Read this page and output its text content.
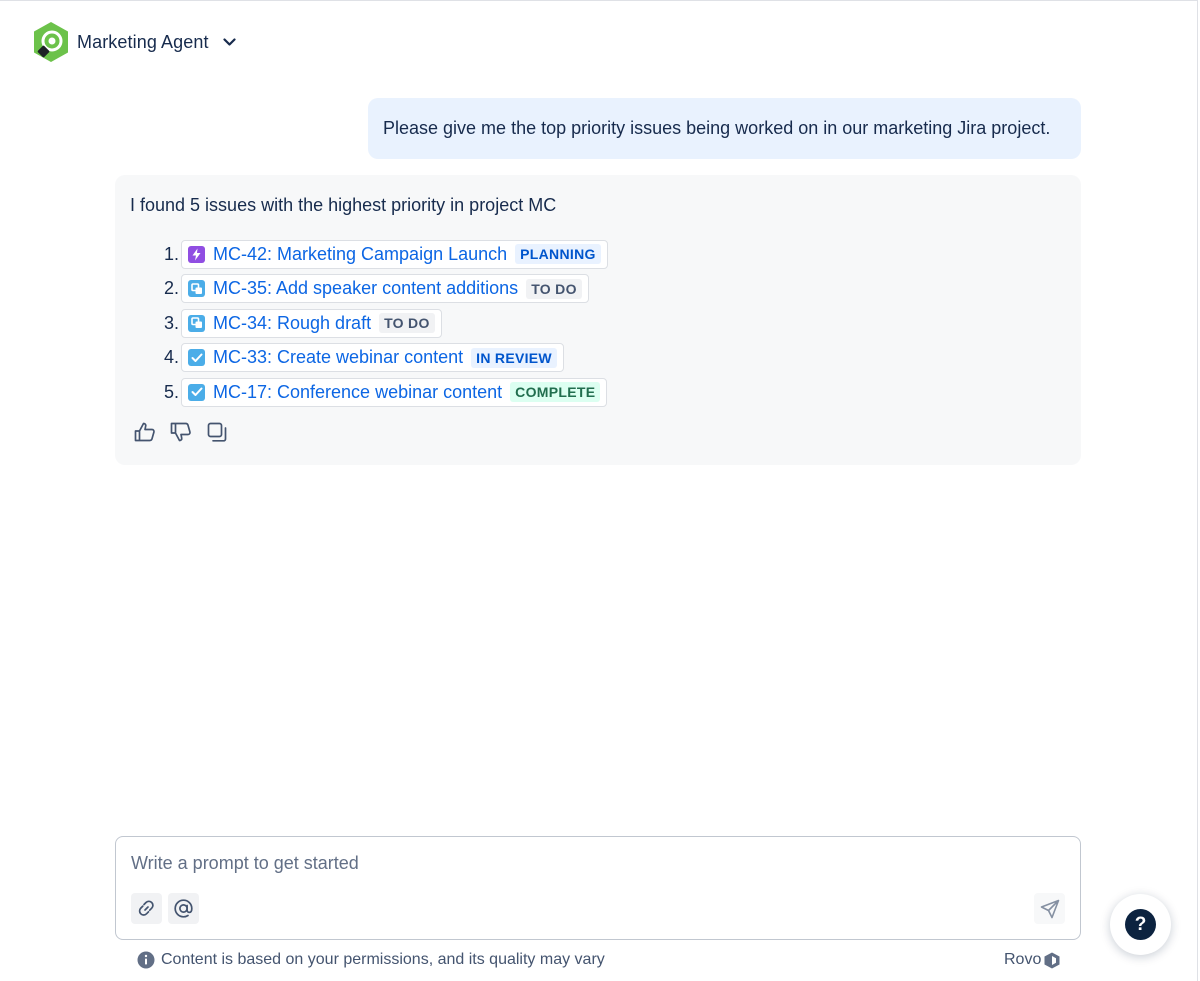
Marketing Agent
Please give me the top priority issues being worked on in our marketing Jira project.
I found 5 issues with the highest priority in project MC
1. MC-42: Marketing Campaign Launch PLANNING
2. MC-35: Add speaker content additions TO DO
3. MC-34: Rough draft TO DO
4. MC-33: Create webinar content IN REVIEW
5. MC-17: Conference webinar content COMPLETE
Write a prompt to get started
Content is based on your permissions, and its quality may vary	Rovo
?
